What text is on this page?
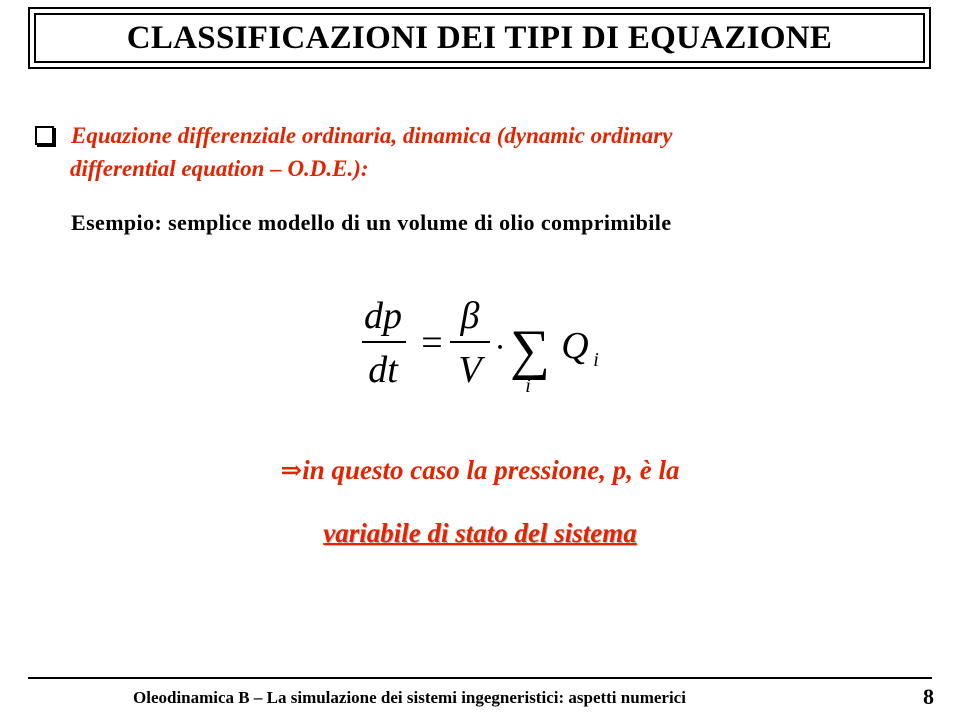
CLASSIFICAZIONI DEI TIPI DI EQUAZIONE
Equazione differenziale ordinaria, dinamica (dynamic ordinary
differential equation – O.D.E.):
Esempio: semplice modello di un volume di olio comprimibile
dp
dt
=
β
V
· ∑
i
Q i
⇒in questo caso la pressione, p, è la
variabile di stato del sistema
Oleodinamica B – La simulazione dei sistemi ingegneristici: aspetti numerici	8
